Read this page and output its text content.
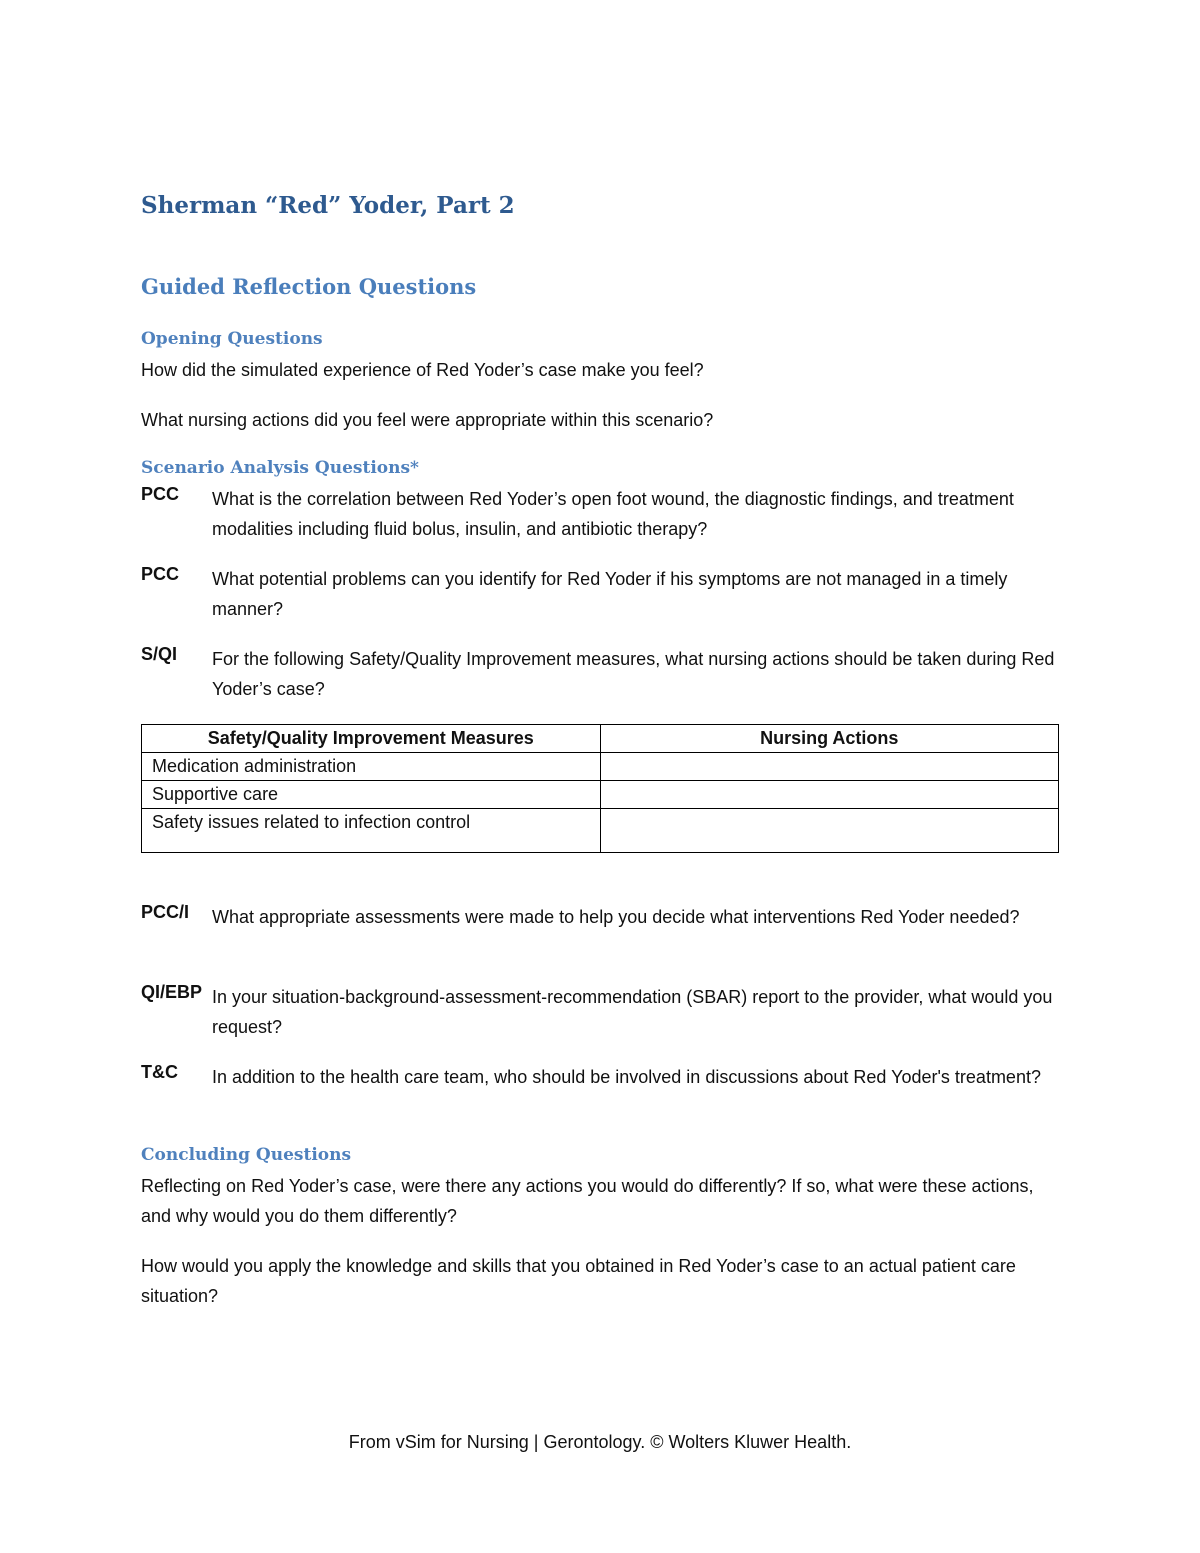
Sherman “Red” Yoder, Part 2
Guided Reflection Questions
Opening Questions

How did the simulated experience of Red Yoder’s case make you feel?

What nursing actions did you feel were appropriate within this scenario?

Scenario Analysis Questions*
PCC What is the correlation between Red Yoder’s open foot wound, the diagnostic findings, and treatment modalities including fluid bolus, insulin, and antibiotic therapy?

PCC What potential problems can you identify for Red Yoder if his symptoms are not managed in a timely manner?

S/QI For the following Safety/Quality Improvement measures, what nursing actions should be taken during Red Yoder’s case?

Safety/Quality Improvement Measures	Nursing Actions
Medication administration	
Supportive care	
Safety issues related to infection control	
PCC/I What appropriate assessments were made to help you decide what interventions Red Yoder needed?

QI/EBP In your situation-background-assessment-recommendation (SBAR) report to the provider, what would you request?

T&C In addition to the health care team, who should be involved in discussions about Red Yoder's treatment?

Concluding Questions

Reflecting on Red Yoder’s case, were there any actions you would do differently? If so, what were these actions, and why would you do them differently?

How would you apply the knowledge and skills that you obtained in Red Yoder’s case to an actual patient care situation?

From vSim for Nursing | Gerontology. © Wolters Kluwer Health.
